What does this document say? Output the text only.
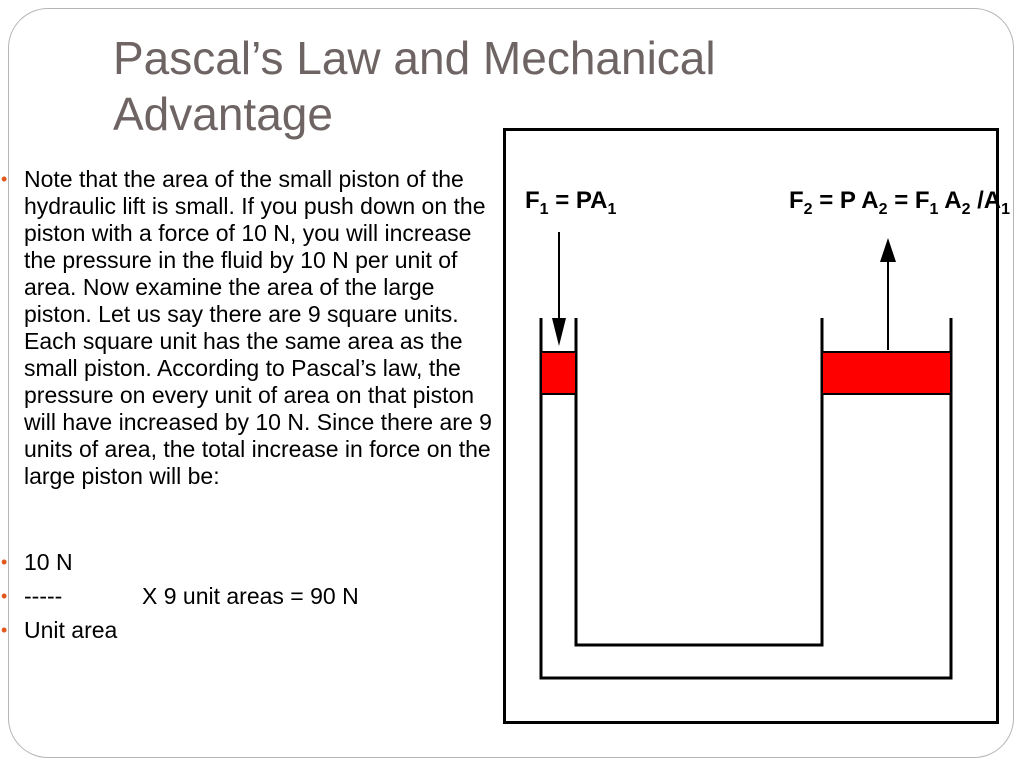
Pascal’s Law and Mechanical Advantage
• Note that the area of the small piston of the hydraulic lift is small. If you push down on the piston with a force of 10 N, you will increase the pressure in the fluid by 10 N per unit of area. Now examine the area of the large piston. Let us say there are 9 square units. Each square unit has the same area as the small piston. According to Pascal’s law, the pressure on every unit of area on that piston will have increased by 10 N. Since there are 9 units of area, the total increase in force on the large piston will be:
• 10 N
• -----	X 9 unit areas = 90 N
• Unit area
$F_1 = PA_1$	$F_2 = P$ $A_2 = F_1$ $A_2$ $/A_1$
